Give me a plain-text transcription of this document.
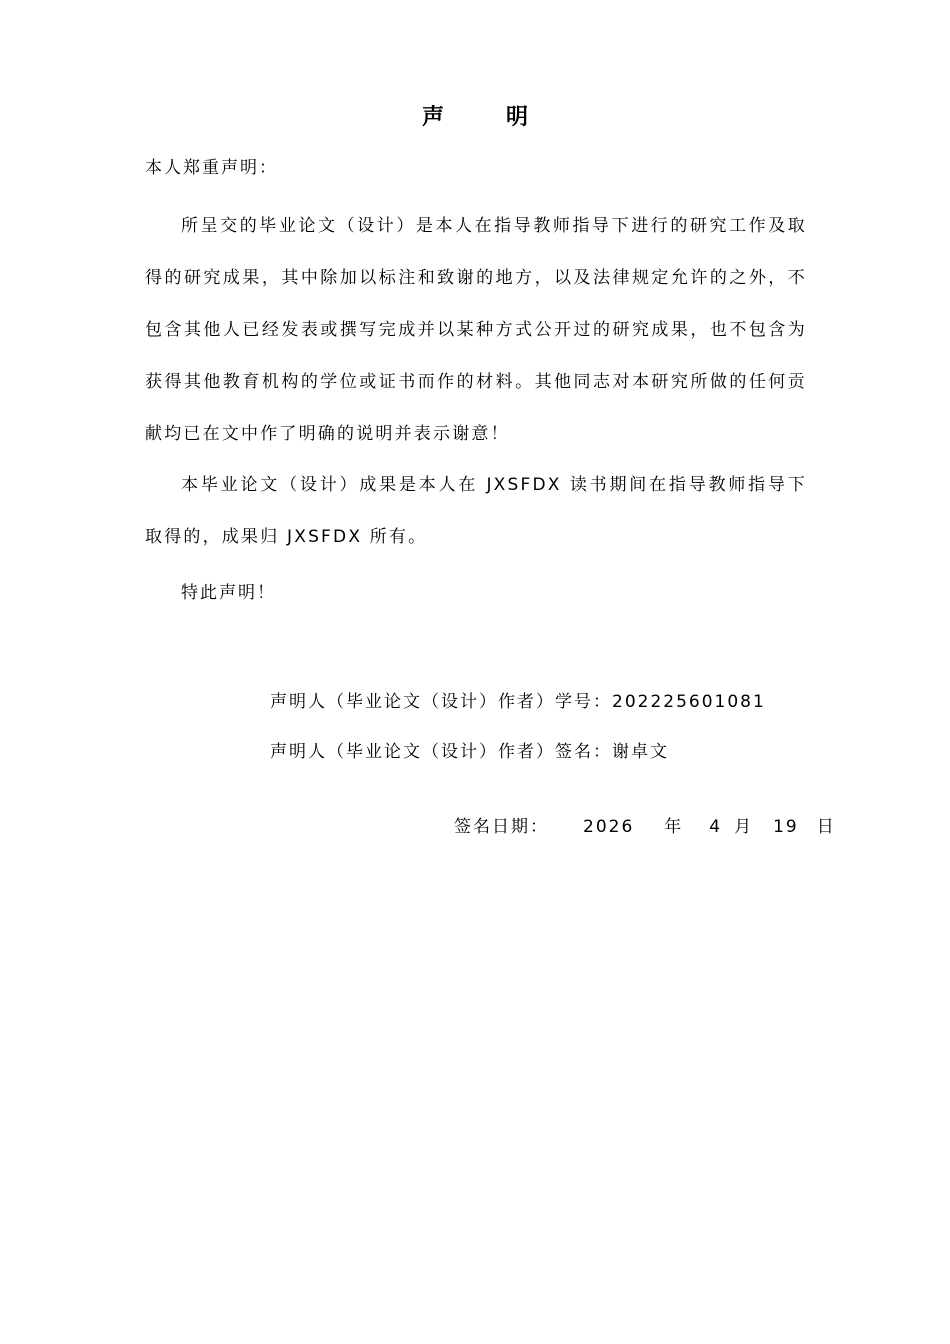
声	明
本人郑重声明：

所呈交的毕业论文（设计）是本人在指导教师指导下进行的研究工作及取得的研究成果，其中除加以标注和致谢的地方，以及法律规定允许的之外，不包含其他人已经发表或撰写完成并以某种方式公开过的研究成果，也不包含为获得其他教育机构的学位或证书而作的材料。其他同志对本研究所做的任何贡献均已在文中作了明确的说明并表示谢意！

本毕业论文（设计）成果是本人在 JXSFDX 读书期间在指导教师指导下取得的，成果归 JXSFDX 所有。

特此声明！

声明人（毕业论文（设计）作者）学号：202225601081
声明人（毕业论文（设计）作者）签名：谢卓文
签名日期： 2026 年 4 月 19 日
